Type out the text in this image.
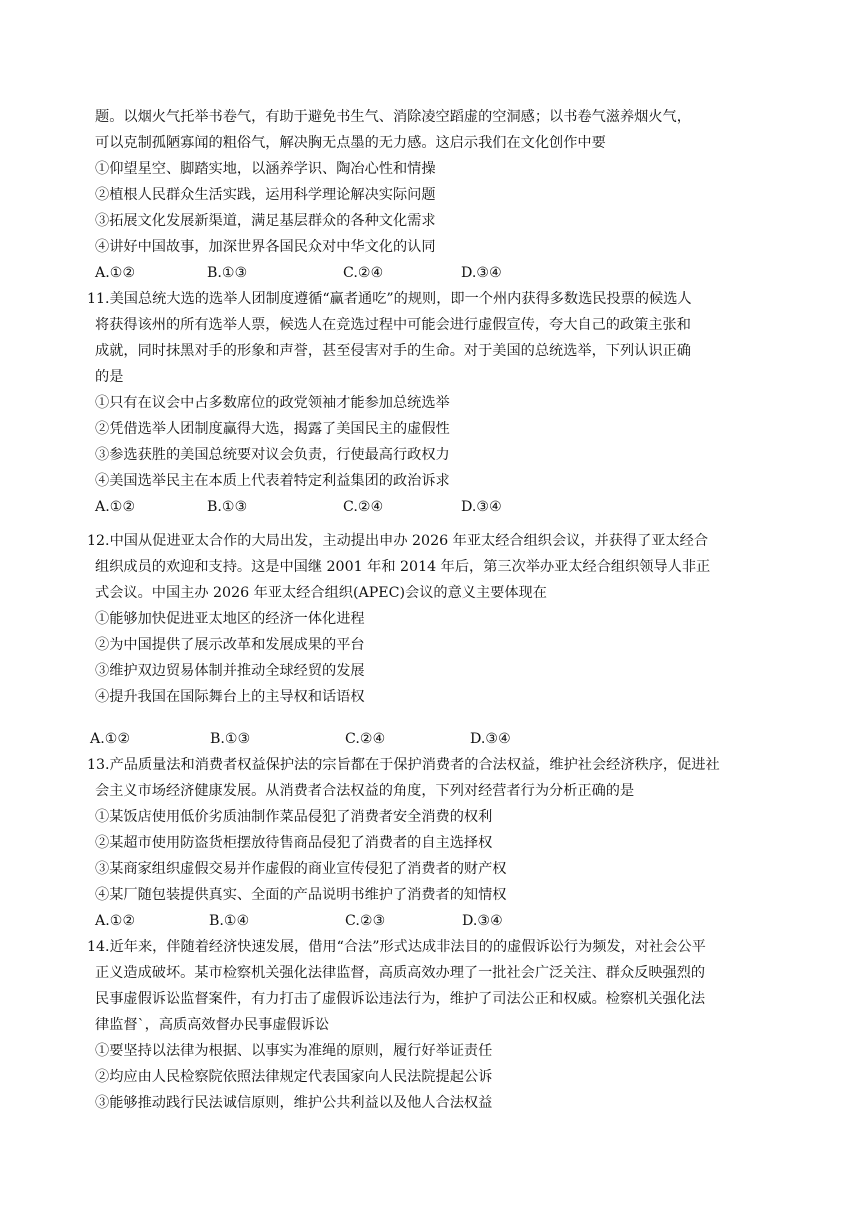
题。以烟火气托举书卷气，有助于避免书生气、消除凌空蹈虚的空洞感；以书卷气滋养烟火气，
可以克制孤陋寡闻的粗俗气，解决胸无点墨的无力感。这启示我们在文化创作中要
①仰望星空、脚踏实地，以涵养学识、陶冶心性和情操
②植根人民群众生活实践，运用科学理论解决实际问题
③拓展文化发展新渠道，满足基层群众的各种文化需求
④讲好中国故事，加深世界各国民众对中华文化的认同
A.①②	B.①③	C.②④	D.③④
11.美国总统大选的选举人团制度遵循“赢者通吃”的规则，即一个州内获得多数选民投票的候选人
将获得该州的所有选举人票，候选人在竞选过程中可能会进行虚假宣传，夸大自己的政策主张和
成就，同时抹黑对手的形象和声誉，甚至侵害对手的生命。对于美国的总统选举，下列认识正确
的是
①只有在议会中占多数席位的政党领袖才能参加总统选举
②凭借选举人团制度赢得大选，揭露了美国民主的虚假性
③参选获胜的美国总统要对议会负责，行使最高行政权力
④美国选举民主在本质上代表着特定利益集团的政治诉求
A.①②	B.①③	C.②④	D.③④
12.中国从促进亚太合作的大局出发，主动提出申办 2026 年亚太经合组织会议，并获得了亚太经合
组织成员的欢迎和支持。这是中国继 2001 年和 2014 年后，第三次举办亚太经合组织领导人非正
式会议。中国主办 2026 年亚太经合组织(APEC)会议的意义主要体现在
①能够加快促进亚太地区的经济一体化进程
②为中国提供了展示改革和发展成果的平台
③维护双边贸易体制并推动全球经贸的发展
④提升我国在国际舞台上的主导权和话语权
A.①②	B.①③	C.②④	D.③④
13.产品质量法和消费者权益保护法的宗旨都在于保护消费者的合法权益，维护社会经济秩序，促进社
会主义市场经济健康发展。从消费者合法权益的角度，下列对经营者行为分析正确的是
①某饭店使用低价劣质油制作菜品侵犯了消费者安全消费的权利
②某超市使用防盗货柜摆放待售商品侵犯了消费者的自主选择权
③某商家组织虚假交易并作虚假的商业宣传侵犯了消费者的财产权
④某厂随包装提供真实、全面的产品说明书维护了消费者的知情权
A.①②	B.①④	C.②③	D.③④
14.近年来，伴随着经济快速发展，借用“合法”形式达成非法目的的虚假诉讼行为频发，对社会公平
正义造成破坏。某市检察机关强化法律监督，高质高效办理了一批社会广泛关注、群众反映强烈的
民事虚假诉讼监督案件，有力打击了虚假诉讼违法行为，维护了司法公正和权威。检察机关强化法
律监督`，高质高效督办民事虚假诉讼
①要坚持以法律为根据、以事实为准绳的原则，履行好举证责任
②均应由人民检察院依照法律规定代表国家向人民法院提起公诉
③能够推动践行民法诚信原则，维护公共利益以及他人合法权益
